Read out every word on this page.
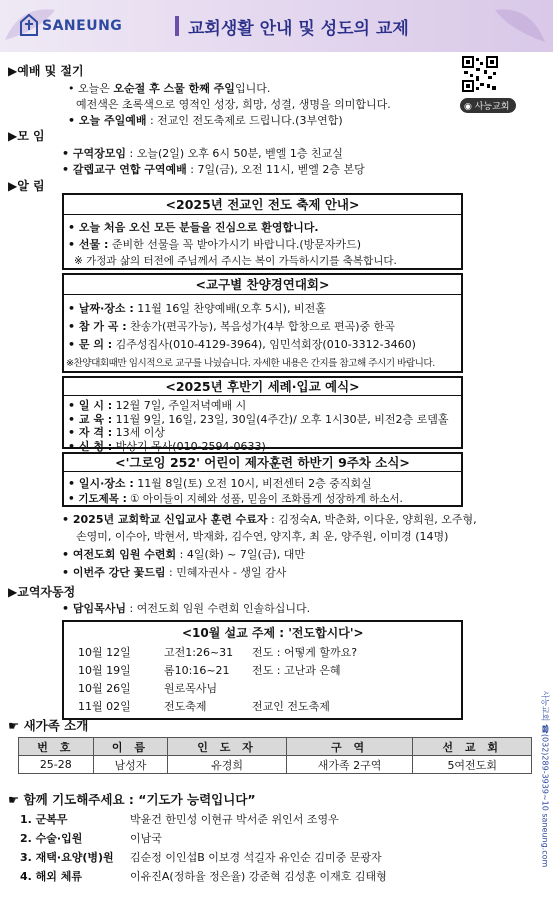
SANEUNG	교회생활 안내 및 성도의 교제
◉ 사능교회
▶예배 및 절기
• 오늘은 오순절 후 스물 한째 주일입니다.
예전색은 초록색으로 영적인 성장, 희망, 성결, 생명을 의미합니다.
• 오늘 주일예배 : 전교인 전도축제로 드립니다.(3부연합)
▶모 임
• 구역장모임 : 오늘(2일) 오후 6시 50분, 벧엘 1층 친교실
• 갈렙교구 연합 구역예배 : 7일(금), 오전 11시, 벧엘 2층 본당
▶알 림
<2025년 전교인 전도 축제 안내>
• 오늘 처음 오신 모든 분들을 진심으로 환영합니다.
• 선물 : 준비한 선물을 꼭 받아가시기 바랍니다.(방문자카드)
※ 가정과 삶의 터전에 주님께서 주시는 복이 가득하시기를 축복합니다.
<교구별 찬양경연대회>
• 날짜·장소 : 11월 16일 찬양예배(오후 5시), 비전홀
• 참 가 곡 : 찬송가(편곡가능), 복음성가(4부 합창으로 편곡)중 한곡
• 문 의 : 김주성집사(010-4129-3964), 임민석회장(010-3312-3460)
※찬양대회때만 임시적으로 교구를 나눴습니다. 자세한 내용은 간지를 참고해 주시기 바랍니다.
<2025년 후반기 세례·입교 예식>
• 일 시 : 12월 7일, 주일저녁예배 시
• 교 육 : 11월 9일, 16일, 23일, 30일(4주간)/ 오후 1시30분, 비전2층 로뎀홀
• 자 격 : 13세 이상
• 신 청 : 박상기 목사(010-2594-0633)
<'그로잉 252' 어린이 제자훈련 하반기 9주차 소식>
• 일시·장소 : 11월 8일(토) 오전 10시, 비전센터 2층 중직회실
• 기도제목 : ① 아이들이 지혜와 성품, 믿음이 조화롭게 성장하게 하소서.
• 2025년 교회학교 신입교사 훈련 수료자 : 김정숙A, 박춘화, 이다운, 양희원, 오주형,
손영미, 이수아, 박현서, 박재화, 김수연, 양지후, 최 운, 양주원, 이미경 (14명)
• 여전도회 임원 수련회 : 4일(화) ~ 7일(금), 대만
• 이번주 강단 꽃드림 : 민혜자권사 - 생일 감사
▶교역자동정
• 담임목사님 : 여전도회 임원 수련회 인솔하십니다.
<10월 설교 주제 : '전도합시다'>
10월 12일	고전1:26~31 전도 : 어떻게 할까요?
10월 19일	롬10:16~21 전도 : 고난과 은혜
10월 26일	원로목사님
11월 02일	전도축제	전교인 전도축제
☛ 새가족 소개
번 호	이 름	인 도 자	구 역	선 교 회
25-28	남성자	유경희	새가족 2구역	5여전도회
☛ 함께 기도해주세요 : “기도가 능력입니다”
1. 군복무	박윤건 한민성 이현규 박서준 위인서 조영우
2. 수술·입원	이남국
3. 재택·요양(병)원 김순정 이인섭B 이보경 석길자 유인순 김미중 문광자
4. 해외 체류	이유진A(정하율 정은율) 강준혁 김성훈 이재호 김태형
사능교회 ☎(032)289-3939~10 saneung.com
